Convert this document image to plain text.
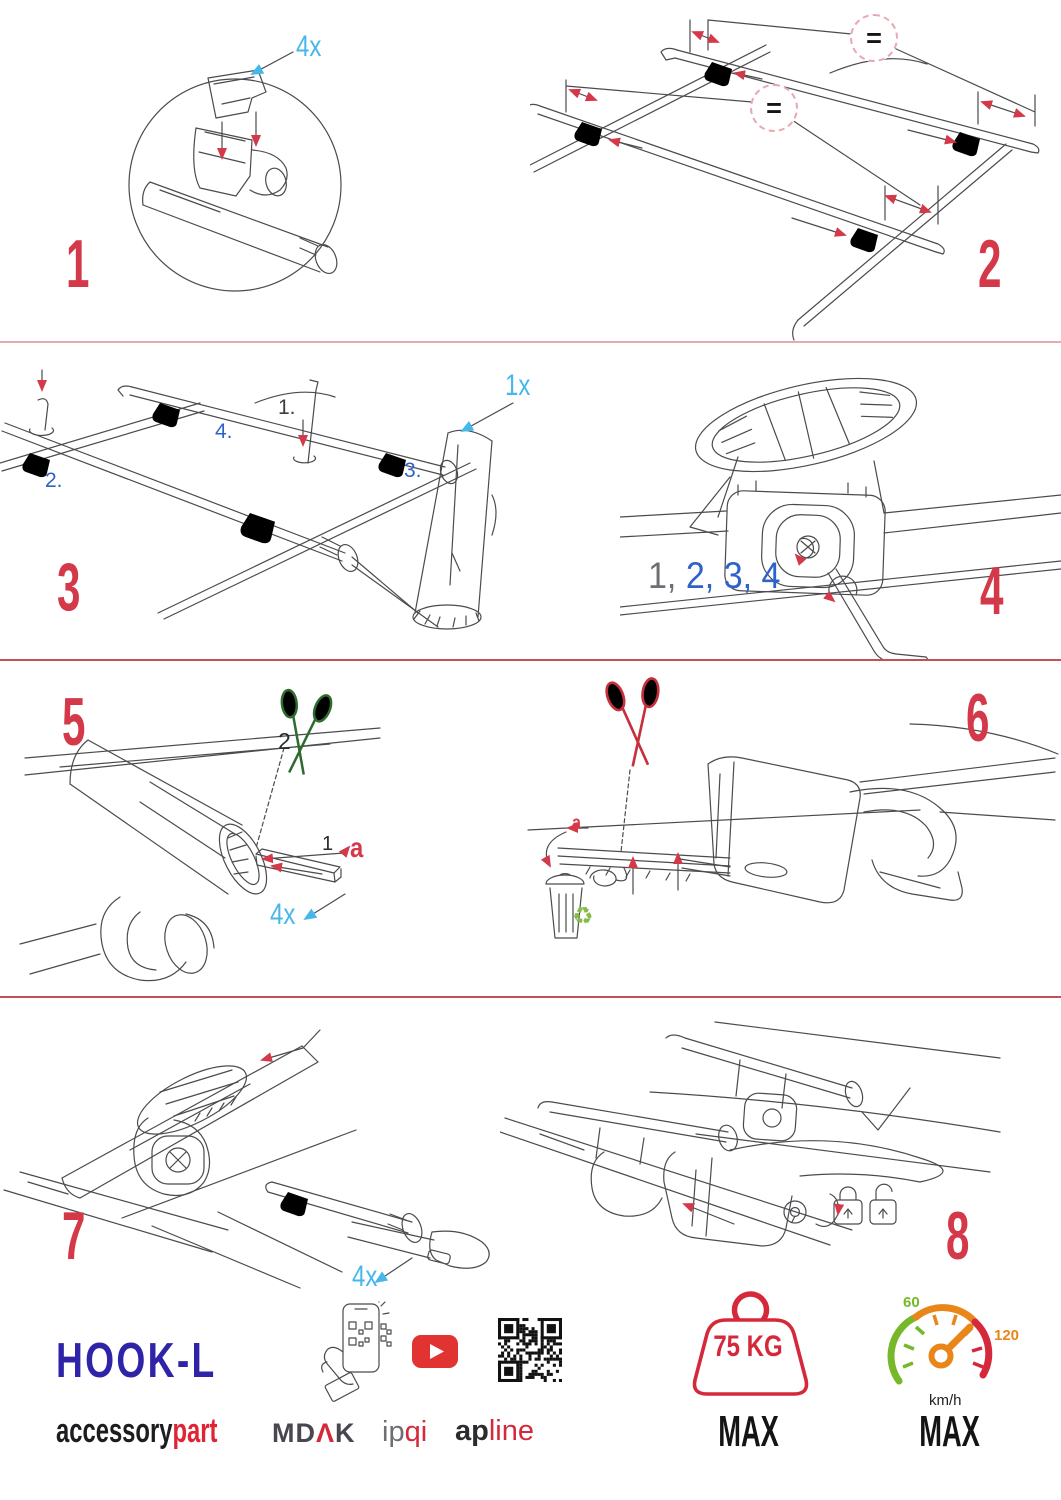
4x
1
=
=
2
2.
4.
1.
3.
1x
3	1, 2, 3, 4	4
2
1 a
4x
5
♻
a
6
4x
7	8
HOOK-L
accessorypart MDΛK ipqi apline
75 KG
MAX
60
120
km/h
MAX
